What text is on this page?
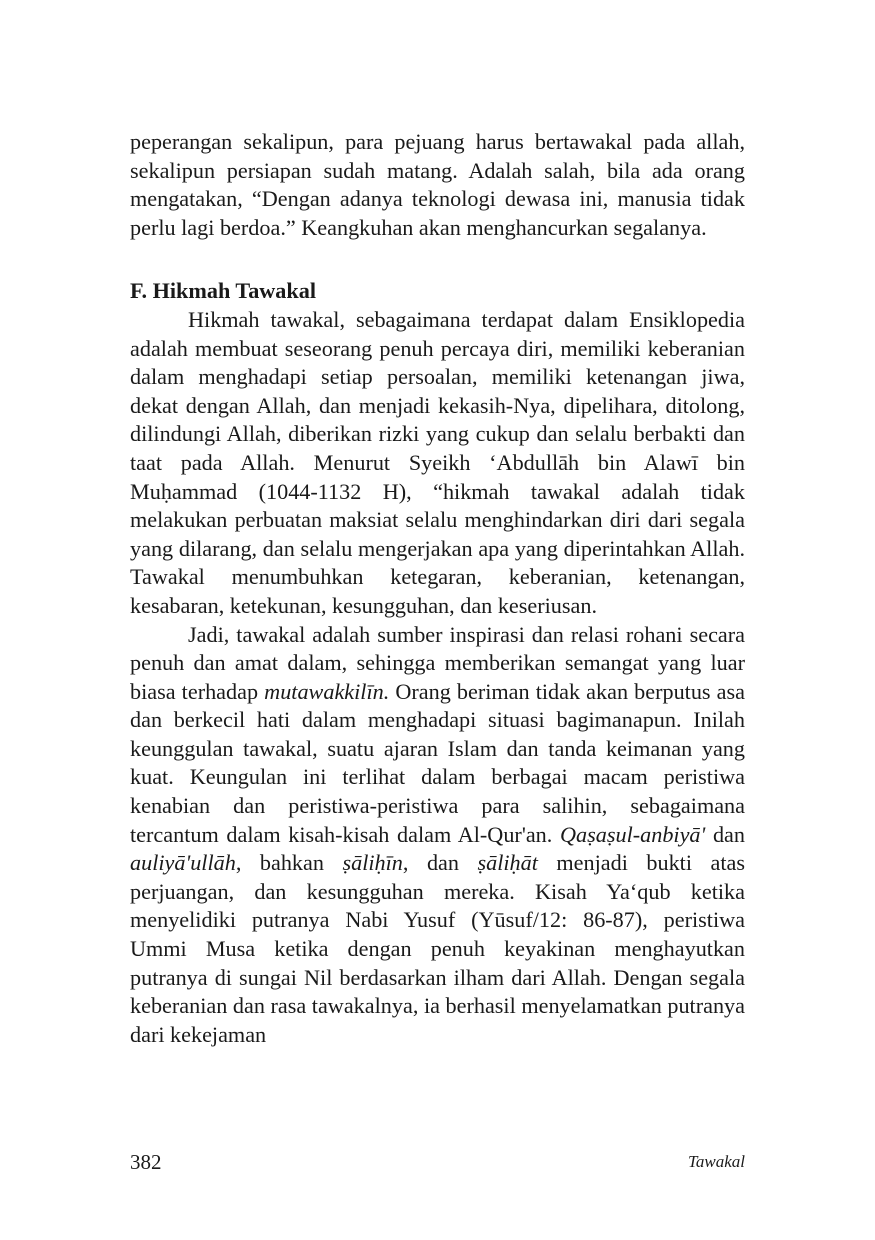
peperangan sekalipun, para pejuang harus bertawakal pada allah, sekalipun persiapan sudah matang. Adalah salah, bila ada orang mengatakan, “Dengan adanya teknologi dewasa ini, manusia tidak perlu lagi berdoa.” Keangkuhan akan menghancurkan segalanya.

F. Hikmah Tawakal

Hikmah tawakal, sebagaimana terdapat dalam Ensiklopedia adalah membuat seseorang penuh percaya diri, memiliki keberanian dalam menghadapi setiap persoalan, memiliki ketenangan jiwa, dekat dengan Allah, dan menjadi kekasih-Nya, dipelihara, ditolong, dilindungi Allah, diberikan rizki yang cukup dan selalu berbakti dan taat pada Allah. Menurut Syeikh ‘Abdullāh bin Alawī bin Muḥammad (1044-1132 H), “hikmah tawakal adalah tidak melakukan perbuatan maksiat selalu menghindarkan diri dari segala yang dilarang, dan selalu mengerjakan apa yang diperintahkan Allah. Tawakal menumbuhkan ketegaran, keberanian, ketenangan, kesabaran, ketekunan, kesungguhan, dan keseriusan.

Jadi, tawakal adalah sumber inspirasi dan relasi rohani secara penuh dan amat dalam, sehingga memberikan semangat yang luar biasa terhadap mutawakkilīn. Orang beriman tidak akan berputus asa dan berkecil hati dalam menghadapi situasi bagimanapun. Inilah keunggulan tawakal, suatu ajaran Islam dan tanda keimanan yang kuat. Keungulan ini terlihat dalam berbagai macam peristiwa kenabian dan peristiwa-peristiwa para salihin, sebagaimana tercantum dalam kisah-kisah dalam Al-Qur'an. Qaṣaṣul-anbiyā' dan auliyā'ullāh, bahkan ṣāliḥīn, dan ṣāliḥāt menjadi bukti atas perjuangan, dan kesungguhan mereka. Kisah Ya‘qub ketika menyelidiki putranya Nabi Yusuf (Yūsuf/12: 86-87), peristiwa Ummi Musa ketika dengan penuh keyakinan menghayutkan putranya di sungai Nil berdasarkan ilham dari Allah. Dengan segala keberanian dan rasa tawakalnya, ia berhasil menyelamatkan putranya dari kekejaman

382	Tawakal
